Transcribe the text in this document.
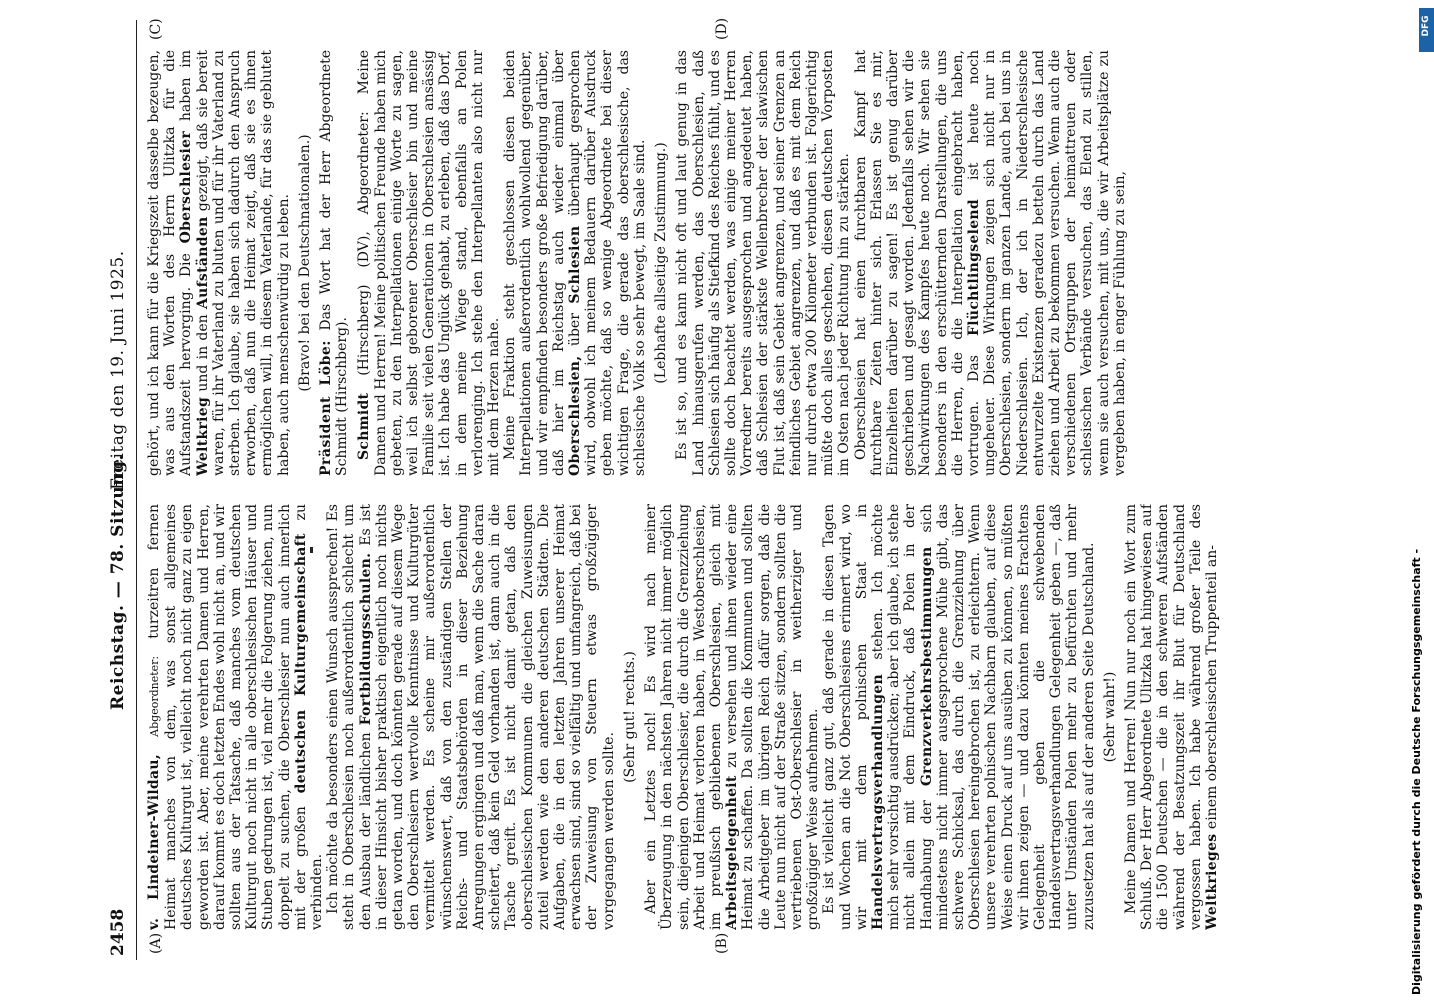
2458
Reichstag. — 78. Sitzung.
Freitag den 19. Juni 1925.
(A)	(B)
(C)	(D)

v. Lindeiner-Wildau, Abgeordneter: turzeitren fernen Heimat manches von dem, was sonst allgemeines deutsches Kulturgut ist, vielleicht noch nicht ganz zu eigen geworden ist. Aber, meine verehrten Damen und Herren, darauf kommt es doch letzten Endes wohl nicht an, und wir sollten aus der Tatsache, daß manches vom deutschen Kulturgut noch nicht in alle oberschlesischen Häuser und Stuben gedrungen ist, viel mehr die Folgerung ziehen, nun doppelt zu suchen, die Oberschlesier nun auch innerlich mit der großen deutschen Kulturgemeinschaft zu verbinden. Ich möchte da besonders einen Wunsch aussprechen! Es steht in Oberschlesien noch außerordentlich schlecht um den Ausbau der ländlichen Fortbildungsschulen. Es ist in dieser Hinsicht bisher praktisch eigentlich noch nichts getan worden, und doch könnten gerade auf diesem Wege den Oberschlesiern wertvolle Kenntnisse und Kulturgüter vermittelt werden. Es scheine mir außerordentlich wünschenswert, daß von den zuständigen Stellen der Reichs- und Staatsbehörden in dieser Beziehung Anregungen ergingen und daß man, wenn die Sache daran scheitert, daß kein Geld vorhanden ist, dann auch in die Tasche greift. Es ist nicht damit getan, daß den oberschlesischen Kommunen die gleichen Zuweisungen zuteil werden wie den anderen deutschen Städten. Die Aufgaben, die in den letzten Jahren unserer Heimat erwachsen sind, sind so vielfältig und umfangreich, daß bei der Zuweisung von Steuern etwas großzügiger vorgegangen werden sollte.

(Sehr gut! rechts.) Aber ein Letztes noch! Es wird nach meiner Überzeugung in den nächsten Jahren nicht immer möglich sein, diejenigen Oberschlesier, die durch die Grenzziehung Arbeit und Heimat verloren haben, in Westoberschlesien, im preußisch gebliebenen Oberschlesien, gleich mit Arbeitsgelegenheit zu versehen und ihnen wieder eine Heimat zu schaffen. Da sollten die Kommunen und sollten die Arbeitgeber im übrigen Reich dafür sorgen, daß die Leute nun nicht auf der Straße sitzen, sondern sollten die vertriebenen Ost-Oberschlesier in weitherziger und großzügiger Weise aufnehmen. Es ist vielleicht ganz gut, daß gerade in diesen Tagen und Wochen an die Not Oberschlesiens erinnert wird, wo wir mit dem polnischen Staat in Handelsvertragsverhandlungen stehen. Ich möchte mich sehr vorsichtig ausdrücken; aber ich glaube, ich stehe nicht allein mit dem Eindruck, daß Polen in der Handhabung der Grenzverkehrsbestimmungen sich mindestens nicht immer ausgesprochene Mühe gibt, das schwere Schicksal, das durch die Grenzziehung über Oberschlesien hereingebrochen ist, zu erleichtern. Wenn unsere verehrten polnischen Nachbarn glauben, auf diese Weise einen Druck auf uns ausüben zu können, so müßten wir ihnen zeigen — und dazu könnten meines Erachtens Gelegenheit geben die schwebenden Handelsvertragsverhandlungen Gelegenheit geben —, daß unter Umständen Polen mehr zu befürchten und mehr zuzusetzen hat als auf der anderen Seite Deutschland. (Sehr wahr!) Meine Damen und Herren! Nun nur noch ein Wort zum Schluß. Der Herr Abgeordnete Ulitzka hat hingewiesen auf die 1500 Deutschen — die in den schweren Aufständen während der Besatzungszeit ihr Blut für Deutschland vergossen haben. Ich habe während großer Teile des Weltkrieges einem oberschlesischen Truppenteil an-

gehört, und ich kann für die Kriegszeit dasselbe bezeugen, was aus den Worten des Herrn Ulitzka für die Aufstandszeit hervorging. Die Oberschlesier haben im Weltkrieg und in den Aufständen gezeigt, daß sie bereit waren, für ihr Vaterland zu bluten und für ihr Vaterland zu sterben. Ich glaube, sie haben sich dadurch den Anspruch erworben, daß nun die Heimat zeigt, daß sie es ihnen ermöglichen will, in diesem Vaterlande, für das sie geblutet haben, auch menschenwürdig zu leben. (Bravo! bei den Deutschnationalen.)

Präsident Löbe: Das Wort hat der Herr Abgeordnete Schmidt (Hirschberg). Schmidt (Hirschberg) (DV), Abgeordneter: Meine Damen und Herren! Meine politischen Freunde haben mich gebeten, zu den Interpellationen einige Worte zu sagen, weil ich selbst geborener Oberschlesier bin und meine Familie seit vielen Generationen in Oberschlesien ansässig ist. Ich habe das Unglück gehabt, zu erleben, daß das Dorf, in dem meine Wiege stand, ebenfalls an Polen verlorenging. Ich stehe den Interpellanten also nicht nur mit dem Herzen nahe. Meine Fraktion steht geschlossen diesen beiden Interpellationen außerordentlich wohlwollend gegenüber, und wir empfinden besonders große Befriedigung darüber, daß hier im Reichstag auch wieder einmal über Oberschlesien, über Schlesien überhaupt gesprochen wird, obwohl ich meinem Bedauern darüber Ausdruck geben möchte, daß so wenige Abgeordnete bei dieser wichtigen Frage, die gerade das oberschlesische, das schlesische Volk so sehr bewegt, im Saale sind. (Lebhafte allseitige Zustimmung.) Es ist so, und es kann nicht oft und laut genug in das Land hinausgerufen werden, das Oberschlesien, daß Schlesien sich häufig als Stiefkind des Reiches fühlt, und es sollte doch beachtet werden, was einige meiner Herren Vorredner bereits ausgesprochen und angedeutet haben, daß Schlesien der stärkste Wellenbrecher der slawischen Flut ist, daß sein Gebiet angrenzen, und seiner Grenzen an feindliches Gebiet angrenzen, und daß es mit dem Reich nur durch etwa 200 Kilometer verbunden ist. Folgerichtig müßte doch alles geschehen, diesen deutschen Vorposten im Osten nach jeder Richtung hin zu stärken. Oberschlesien hat einen furchtbaren Kampf hat furchtbare Zeiten hinter sich. Erlassen Sie es mir, Einzelheiten darüber zu sagen! Es ist genug darüber geschrieben und gesagt worden. Jedenfalls sehen wir die Nachwirkungen des Kampfes heute noch. Wir sehen sie besonders in den erschütternden Darstellungen, die uns die Herren, die die Interpellation eingebracht haben, vortrugen. Das Flüchtlingselend ist heute noch ungeheuer. Diese Wirkungen zeigen sich nicht nur in Oberschlesien, sondern im ganzen Lande, auch bei uns in Niederschlesien. Ich, der ich in Niederschlesische entwurzelte Existenzen geradezu betteln durch das Land ziehen und Arbeit zu bekommen versuchen. Wenn auch die verschiedenen Ortsgruppen der heimattreuen oder schlesischen Verbände versuchen, das Elend zu stillen, wenn sie auch versuchen, mit uns, die wir Arbeitsplätze zu vergeben haben, in enger Fühlung zu sein,

Digitalisierung gefördert durch die Deutsche Forschungsgemeinschaft -
DFG
